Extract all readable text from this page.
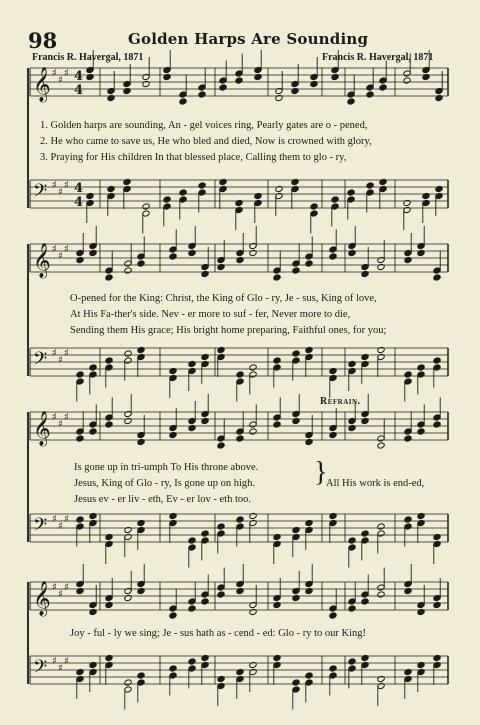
98	Golden Harps Are Sounding
Francis R. Havergal, 1871	Francis R. Havergal, 1871
𝄞 ♯
♯
♯ 4
4
𝄢 ♯
♯
♯ 4
4
1. Golden harps are sounding, An - gel voices ring, Pearly gates are o - pened,
2. He who came to save us, He who bled and died, Now is crowned with glory,
3. Praying for His children In that blessed place, Calling them to glo - ry,
𝄞 ♯
♯
♯
𝄢 ♯
♯
♯
O-pened for the King: Christ, the King of Glo - ry, Je - sus, King of love,
At His Fa-ther's side. Nev - er more to suf - fer, Never more to die,
Sending them His grace; His bright home preparing, Faithful ones, for you;
Refrain.
𝄞 ♯
♯
♯
𝄢 ♯
♯
♯
Is gone up in tri-umph To His throne above.
Jesus, King of Glo - ry, Is gone up on high.
Jesus ev - er liv - eth, Ev - er lov - eth too.
}
All His work is end-ed,
𝄞 ♯
♯
♯
𝄢 ♯
♯
♯
Joy - ful - ly we sing; Je - sus hath as - cend - ed: Glo - ry to our King!
